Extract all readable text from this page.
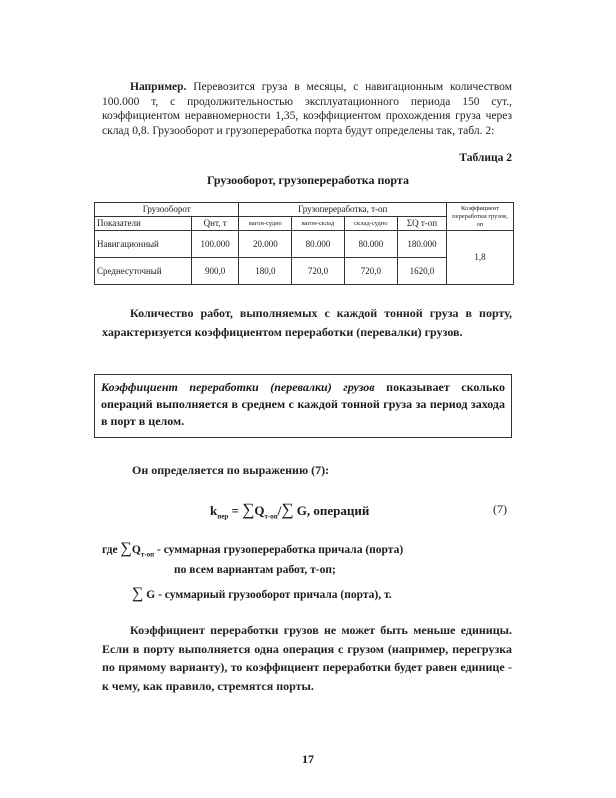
Например. Перевозится груза в месяцы, с навигационным количеством 100.000 т, с продолжительностью эксплуатационного периода 150 сут., коэффициентом неравномерности 1,35, коэффициентом прохождения груза через склад 0,8. Грузооборот и грузопереработка порта будут определены так, табл. 2:

Таблица 2
Грузооборот, грузопереработка порта
Грузооборот		Грузопереработка, т-оп				Коэффициент переработки грузов, оп
Показатели	Qнт, т	вагон-судно	вагон-склад	склад-судно	ΣQ т-оп	
Навигационный	100.000	20.000	80.000	80.000	180.000	1,8
Среднесуточный	900,0	180,0	720,0	720,0	1620,0	

Количество работ, выполняемых с каждой тонной груза в порту, характеризуется коэффициентом переработки (перевалки) грузов.

Коэффициент переработки (перевалки) грузов показывает сколько операций выполняется в среднем с каждой тонной груза за период захода в порт в целом.

Он определяется по выражению (7):

$k_{пер} = \sum Q_{т-оп}/\sum$ G, операций	(7)
где $\sum Q_{т-оп}$ - суммарная грузопереработка причала (порта)
по всем вариантам работ, т-оп;
∑ G - суммарный грузооборот причала (порта), т.

Коэффициент переработки грузов не может быть меньше единицы. Если в порту выполняется одна операция с грузом (например, перегрузка по прямому варианту), то коэффициент переработки будет равен единице - к чему, как правило, стремятся порты.

17
